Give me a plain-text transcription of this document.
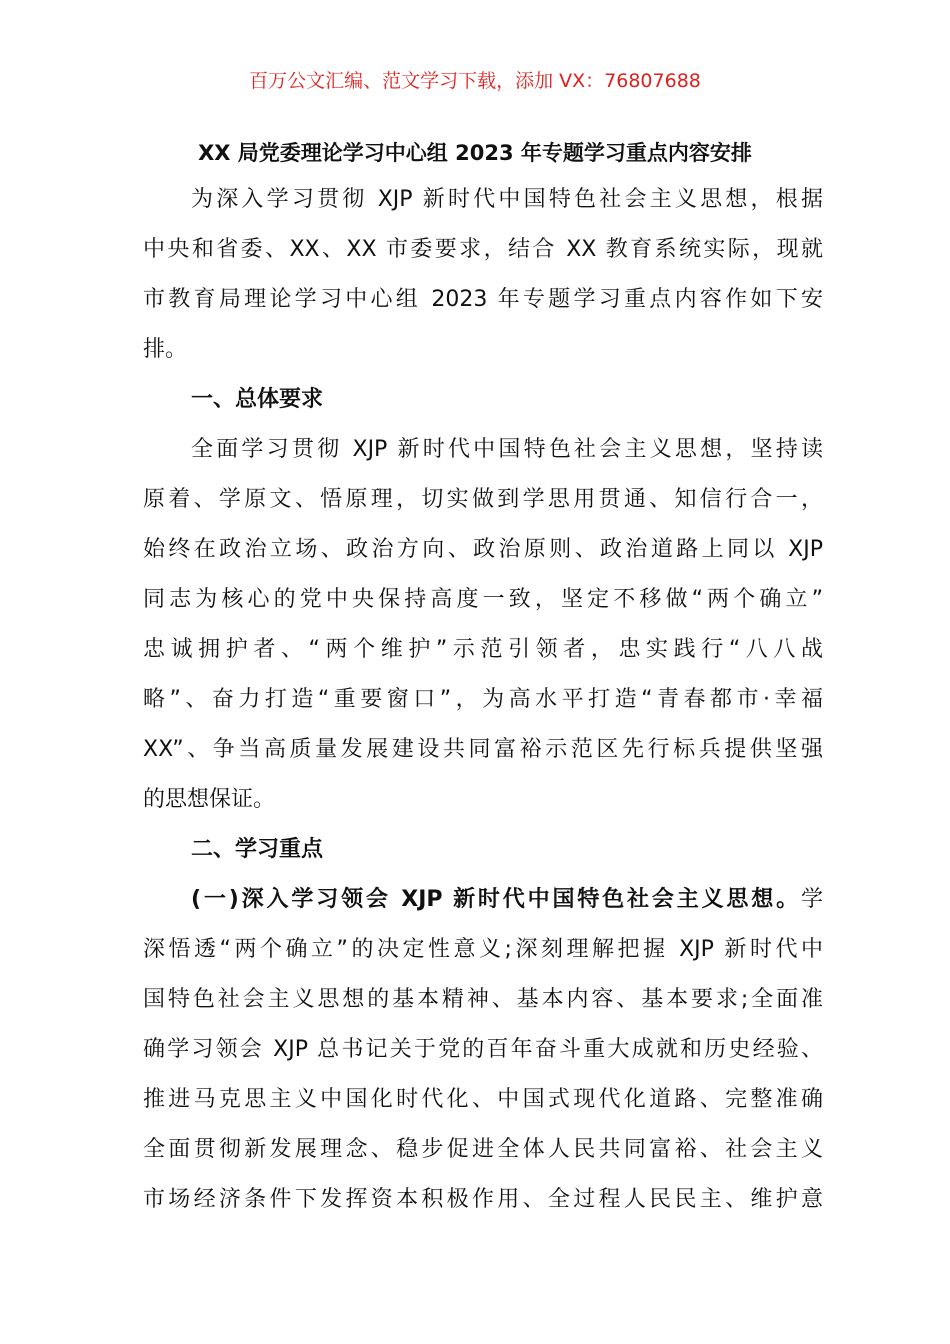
百万公文汇编、范文学习下载，添加 VX：76807688
XX 局党委理论学习中心组 2023 年专题学习重点内容安排
为深入学习贯彻 XJP 新时代中国特色社会主义思想，根据
中央和省委、XX、XX 市委要求，结合 XX 教育系统实际，现就
市教育局理论学习中心组 2023 年专题学习重点内容作如下安
排。
一、总体要求
全面学习贯彻 XJP 新时代中国特色社会主义思想，坚持读
原着、学原文、悟原理，切实做到学思用贯通、知信行合一，
始终在政治立场、政治方向、政治原则、政治道路上同以 XJP
同志为核心的党中央保持高度一致，坚定不移做“两个确立”
忠诚拥护者、“两个维护”示范引领者，忠实践行“八八战
略”、奋力打造“重要窗口”，为高水平打造“青春都市·幸福
XX”、争当高质量发展建设共同富裕示范区先行标兵提供坚强
的思想保证。
二、学习重点
(一)深入学习领会 XJP 新时代中国特色社会主义思想。学
深悟透“两个确立”的决定性意义;深刻理解把握 XJP 新时代中
国特色社会主义思想的基本精神、基本内容、基本要求;全面准
确学习领会 XJP 总书记关于党的百年奋斗重大成就和历史经验、
推进马克思主义中国化时代化、中国式现代化道路、完整准确
全面贯彻新发展理念、稳步促进全体人民共同富裕、社会主义
市场经济条件下发挥资本积极作用、全过程人民民主、维护意
